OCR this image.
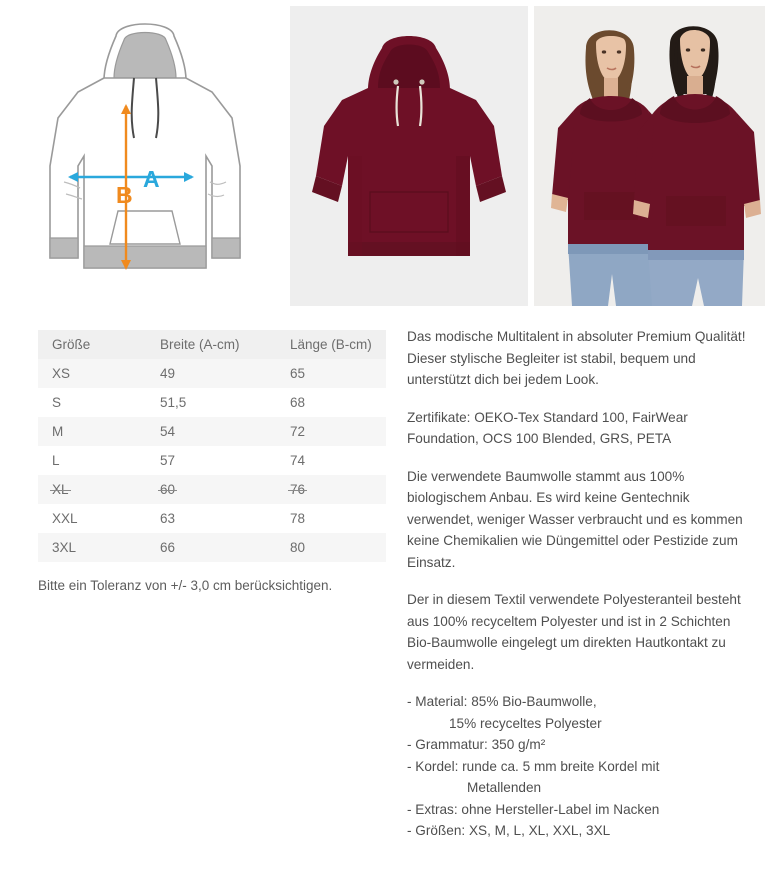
A
B
Größe	Breite (A-cm)	Länge (B-cm)
XS	49	65
S	51,5	68
M	54	72
L	57	74
XL	60	76
XXL	63	78
3XL	66	80
Bitte ein Toleranz von +/- 3,0 cm berücksichtigen.

Das modische Multitalent in absoluter Premium Qualität! Dieser stylische Begleiter ist stabil, bequem und unterstützt dich bei jedem Look.

Zertifikate: OEKO-Tex Standard 100, FairWear Foundation, OCS 100 Blended, GRS, PETA

Die verwendete Baumwolle stammt aus 100% biologischem Anbau. Es wird keine Gentechnik verwendet, weniger Wasser verbraucht und es kommen keine Chemikalien wie Düngemittel oder Pestizide zum Einsatz.

Der in diesem Textil verwendete Polyesteranteil besteht aus 100% recyceltem Polyester und ist in 2 Schichten Bio-Baumwolle eingelegt um direkten Hautkontakt zu vermeiden.

- Material: 85% Bio-Baumwolle,
15% recyceltes Polyester
- Grammatur: 350 g/m²
- Kordel: runde ca. 5 mm breite Kordel mit
Metallenden
- Extras: ohne Hersteller-Label im Nacken
- Größen: XS, M, L, XL, XXL, 3XL
